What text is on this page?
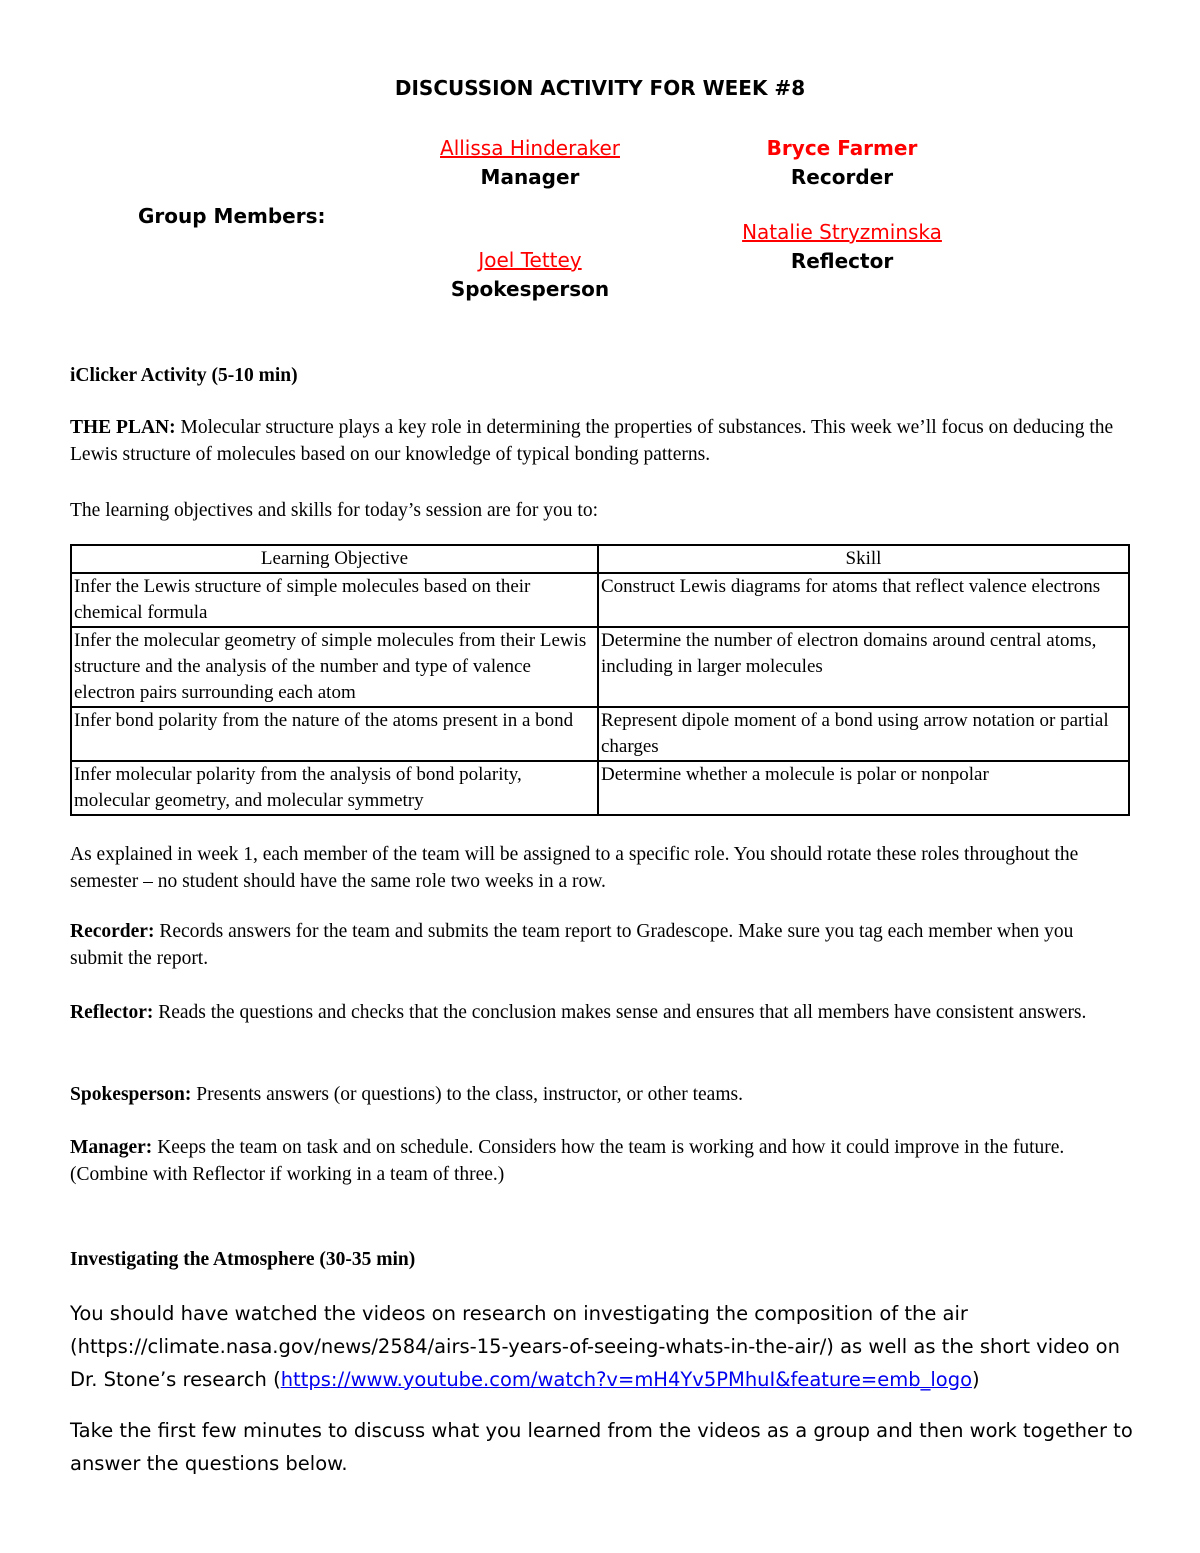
DISCUSSION ACTIVITY FOR WEEK #8
Group Members:
Allissa Hinderaker
Manager
Bryce Farmer
Recorder
Joel Tettey
Spokesperson
Natalie Stryzminska
Reflector
iClicker Activity (5-10 min)
THE PLAN: Molecular structure plays a key role in determining the properties of substances. This week we’ll focus on deducing the Lewis structure of molecules based on our knowledge of typical bonding patterns.
The learning objectives and skills for today’s session are for you to:
Learning Objective	Skill
Infer the Lewis structure of simple molecules based on their chemical formula	Construct Lewis diagrams for atoms that reflect valence electrons
Infer the molecular geometry of simple molecules from their Lewis structure and the analysis of the number and type of valence electron pairs surrounding each atom	Determine the number of electron domains around central atoms, including in larger molecules
Infer bond polarity from the nature of the atoms present in a bond	Represent dipole moment of a bond using arrow notation or partial charges
Infer molecular polarity from the analysis of bond polarity, molecular geometry, and molecular symmetry	Determine whether a molecule is polar or nonpolar
As explained in week 1, each member of the team will be assigned to a specific role. You should rotate these roles throughout the semester – no student should have the same role two weeks in a row.
Recorder: Records answers for the team and submits the team report to Gradescope. Make sure you tag each member when you submit the report.
Reflector: Reads the questions and checks that the conclusion makes sense and ensures that all members have consistent answers.
Spokesperson: Presents answers (or questions) to the class, instructor, or other teams.
Manager: Keeps the team on task and on schedule. Considers how the team is working and how it could improve in the future. (Combine with Reflector if working in a team of three.)
Investigating the Atmosphere (30-35 min)
You should have watched the videos on research on investigating the composition of the air (https://climate.nasa.gov/news/2584/airs-15-years-of-seeing-whats-in-the-air/) as well as the short video on Dr. Stone’s research (https://www.youtube.com/watch?v=mH4Yv5PMhuI&feature=emb_logo)
Take the first few minutes to discuss what you learned from the videos as a group and then work together to answer the questions below.
